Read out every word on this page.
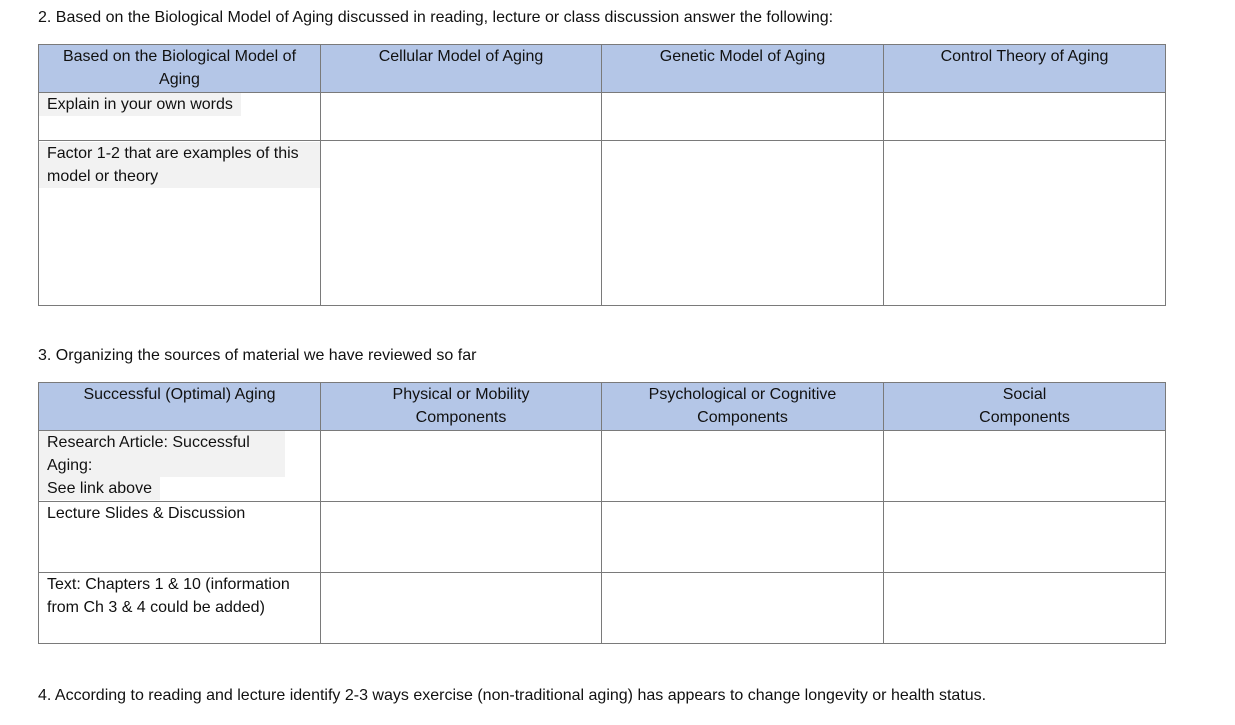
2. Based on the Biological Model of Aging discussed in reading, lecture or class discussion answer the following:
Based on the Biological Model of Aging	Cellular Model of Aging	Genetic Model of Aging	Control Theory of Aging

Explain in your own words			

Factor 1-2 that are examples of this model or theory			

3. Organizing the sources of material we have reviewed so far
Successful (Optimal) Aging	Physical or Mobility Components	Psychological or Cognitive Components	Social Components

Research Article: Successful Aging:
See link above			

Lecture Slides & Discussion			

Text: Chapters 1 & 10 (information from Ch 3 & 4 could be added)			

4. According to reading and lecture identify 2-3 ways exercise (non-traditional aging) has appears to change longevity or health status.
